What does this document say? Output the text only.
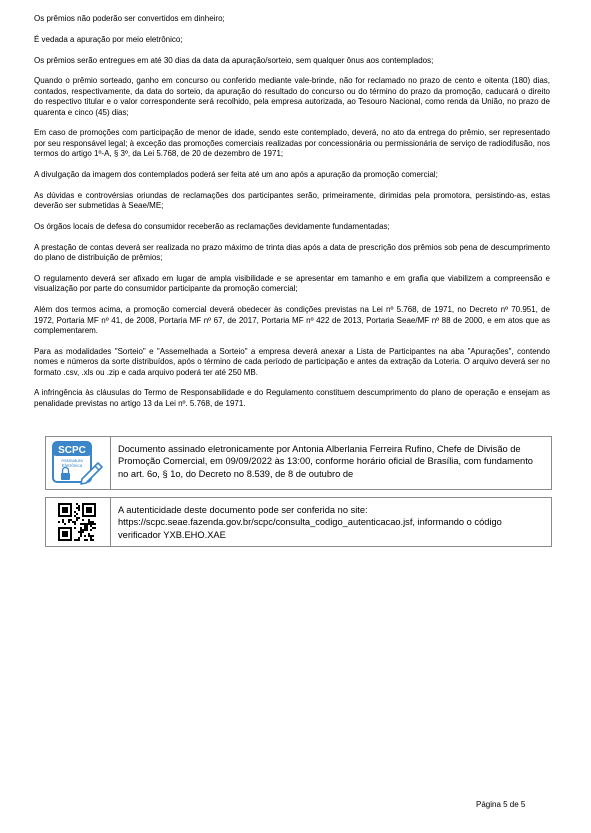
Os prêmios não poderão ser convertidos em dinheiro;

É vedada a apuração por meio eletrônico;

Os prêmios serão entregues em até 30 dias da data da apuração/sorteio, sem qualquer ônus aos contemplados;

Quando o prêmio sorteado, ganho em concurso ou conferido mediante vale-brinde, não for reclamado no prazo de cento e oitenta (180) dias, contados, respectivamente, da data do sorteio, da apuração do resultado do concurso ou do término do prazo da promoção, caducará o direito do respectivo titular e o valor correspondente será recolhido, pela empresa autorizada, ao Tesouro Nacional, como renda da União, no prazo de quarenta e cinco (45) dias;

Em caso de promoções com participação de menor de idade, sendo este contemplado, deverá, no ato da entrega do prêmio, ser representado por seu responsável legal; à exceção das promoções comerciais realizadas por concessionária ou permissionária de serviço de radiodifusão, nos termos do artigo 1º-A, § 3º, da Lei 5.768, de 20 de dezembro de 1971;

A divulgação da imagem dos contemplados poderá ser feita até um ano após a apuração da promoção comercial;

As dúvidas e controvérsias oriundas de reclamações dos participantes serão, primeiramente, dirimidas pela promotora, persistindo-as, estas deverão ser submetidas à Seae/ME;

Os órgãos locais de defesa do consumidor receberão as reclamações devidamente fundamentadas;

A prestação de contas deverá ser realizada no prazo máximo de trinta dias após a data de prescrição dos prêmios sob pena de descumprimento do plano de distribuição de prêmios;

O regulamento deverá ser afixado em lugar de ampla visibilidade e se apresentar em tamanho e em grafia que viabilizem a compreensão e visualização por parte do consumidor participante da promoção comercial;

Além dos termos acima, a promoção comercial deverá obedecer às condições previstas na Lei nº 5.768, de 1971, no Decreto nº 70.951, de 1972, Portaria MF nº 41, de 2008, Portaria MF nº 67, de 2017, Portaria MF nº 422 de 2013, Portaria Seae/MF nº 88 de 2000, e em atos que as complementarem.

Para as modalidades "Sorteio" e "Assemelhada a Sorteio" a empresa deverá anexar a Lista de Participantes na aba "Apurações", contendo nomes e números da sorte distribuídos, após o término de cada período de participação e antes da extração da Loteria. O arquivo deverá ser no formato .csv, .xls ou .zip e cada arquivo poderá ter até 250 MB.

A infringência às cláusulas do Termo de Responsabilidade e do Regulamento constituem descumprimento do plano de operação e ensejam as penalidade previstas no artigo 13 da Lei nº. 5.768, de 1971.

SCPC
Assinatura
Eletrônica
Documento assinado eletronicamente por Antonia Alberlania Ferreira Rufino, Chefe de Divisão de Promoção Comercial, em 09/09/2022 às 13:00, conforme horário oficial de Brasília, com fundamento no art. 6o, § 1o, do Decreto no 8.539, de 8 de outubro de
A autenticidade deste documento pode ser conferida no site: https://scpc.seae.fazenda.gov.br/scpc/consulta_codigo_autenticacao.jsf, informando o código verificador YXB.EHO.XAE
Página 5 de 5
